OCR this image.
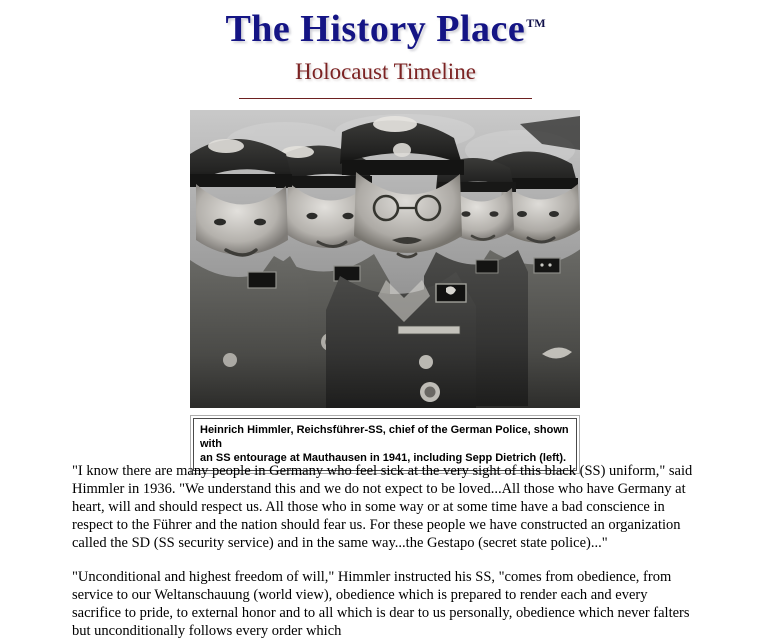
The History Place™
Holocaust Timeline
Heinrich Himmler, Reichsführer-SS, chief of the German Police, shown with
an SS entourage at Mauthausen in 1941, including Sepp Dietrich (left).

"I know there are many people in Germany who feel sick at the very sight of this black (SS) uniform," said Himmler in 1936. "We understand this and we do not expect to be loved...All those who have Germany at heart, will and should respect us. All those who in some way or at some time have a bad conscience in respect to the Führer and the nation should fear us. For these people we have constructed an organization called the SD (SS security service) and in the same way...the Gestapo (secret state police)..."

"Unconditional and highest freedom of will," Himmler instructed his SS, "comes from obedience, from service to our Weltanschauung (world view), obedience which is prepared to render each and every sacrifice to pride, to external honor and to all which is dear to us personally, obedience which never falters but unconditionally follows every order which
